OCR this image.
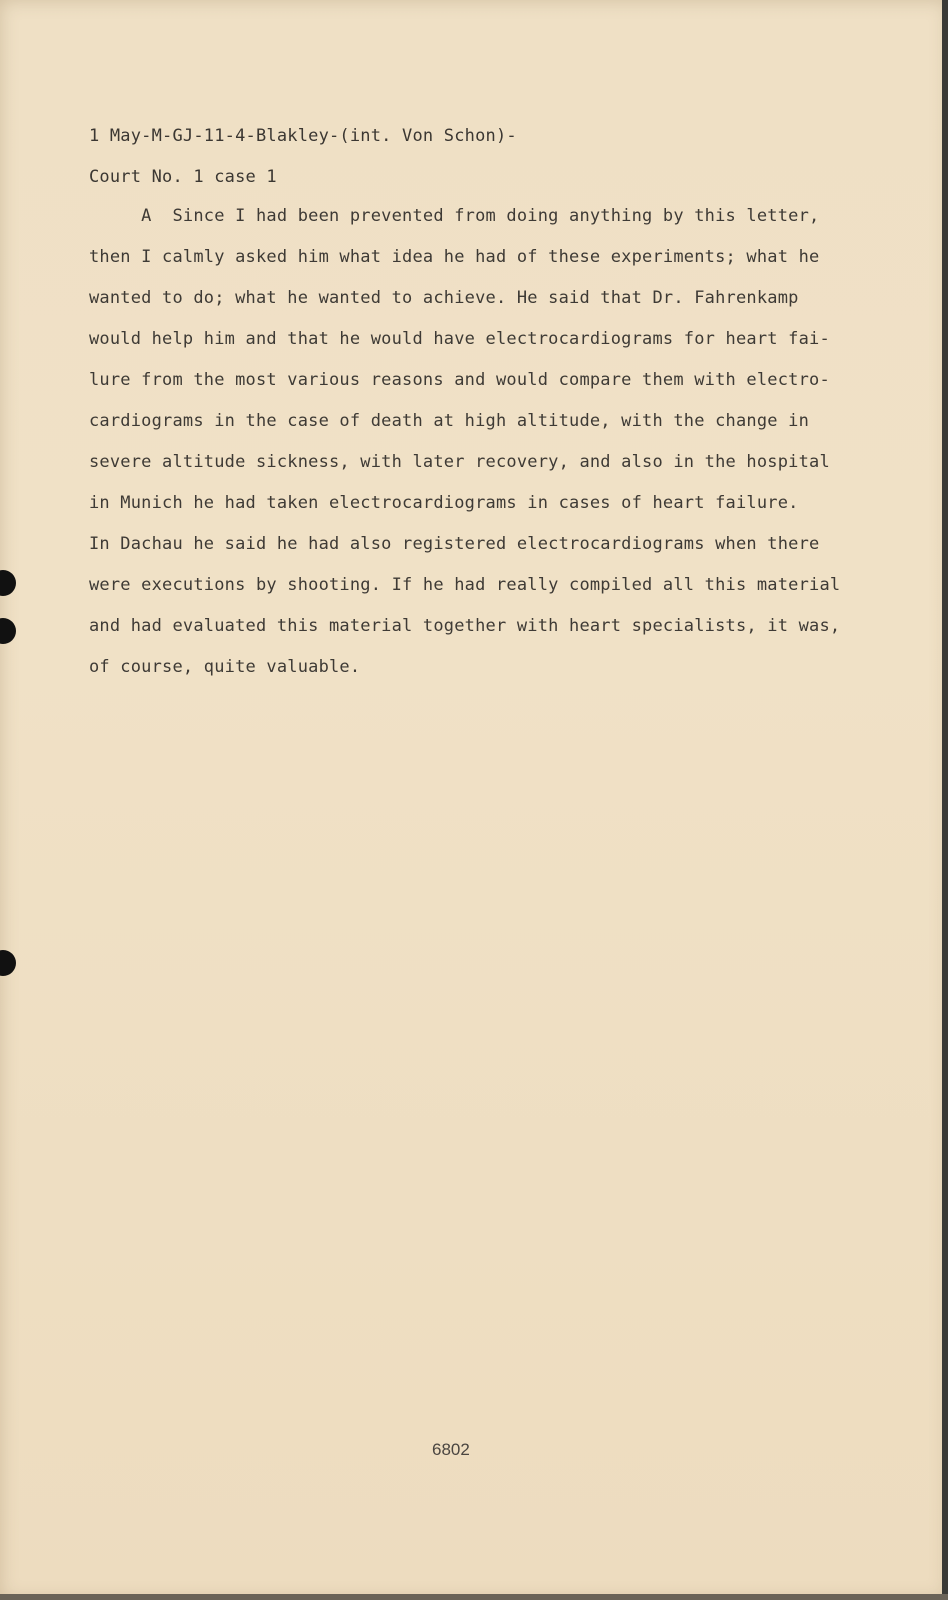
1 May-M-GJ-11-4-Blakley-(int. Von Schon)-
Court No. 1 case 1
A  Since I had been prevented from doing anything by this letter,
then I calmly asked him what idea he had of these experiments; what he
wanted to do; what he wanted to achieve. He said that Dr. Fahrenkamp
would help him and that he would have electrocardiograms for heart fai-
lure from the most various reasons and would compare them with electro-
cardiograms in the case of death at high altitude, with the change in
severe altitude sickness, with later recovery, and also in the hospital
in Munich he had taken electrocardiograms in cases of heart failure.
In Dachau he said he had also registered electrocardiograms when there
were executions by shooting. If he had really compiled all this material
and had evaluated this material together with heart specialists, it was,
of course, quite valuable.
6802
